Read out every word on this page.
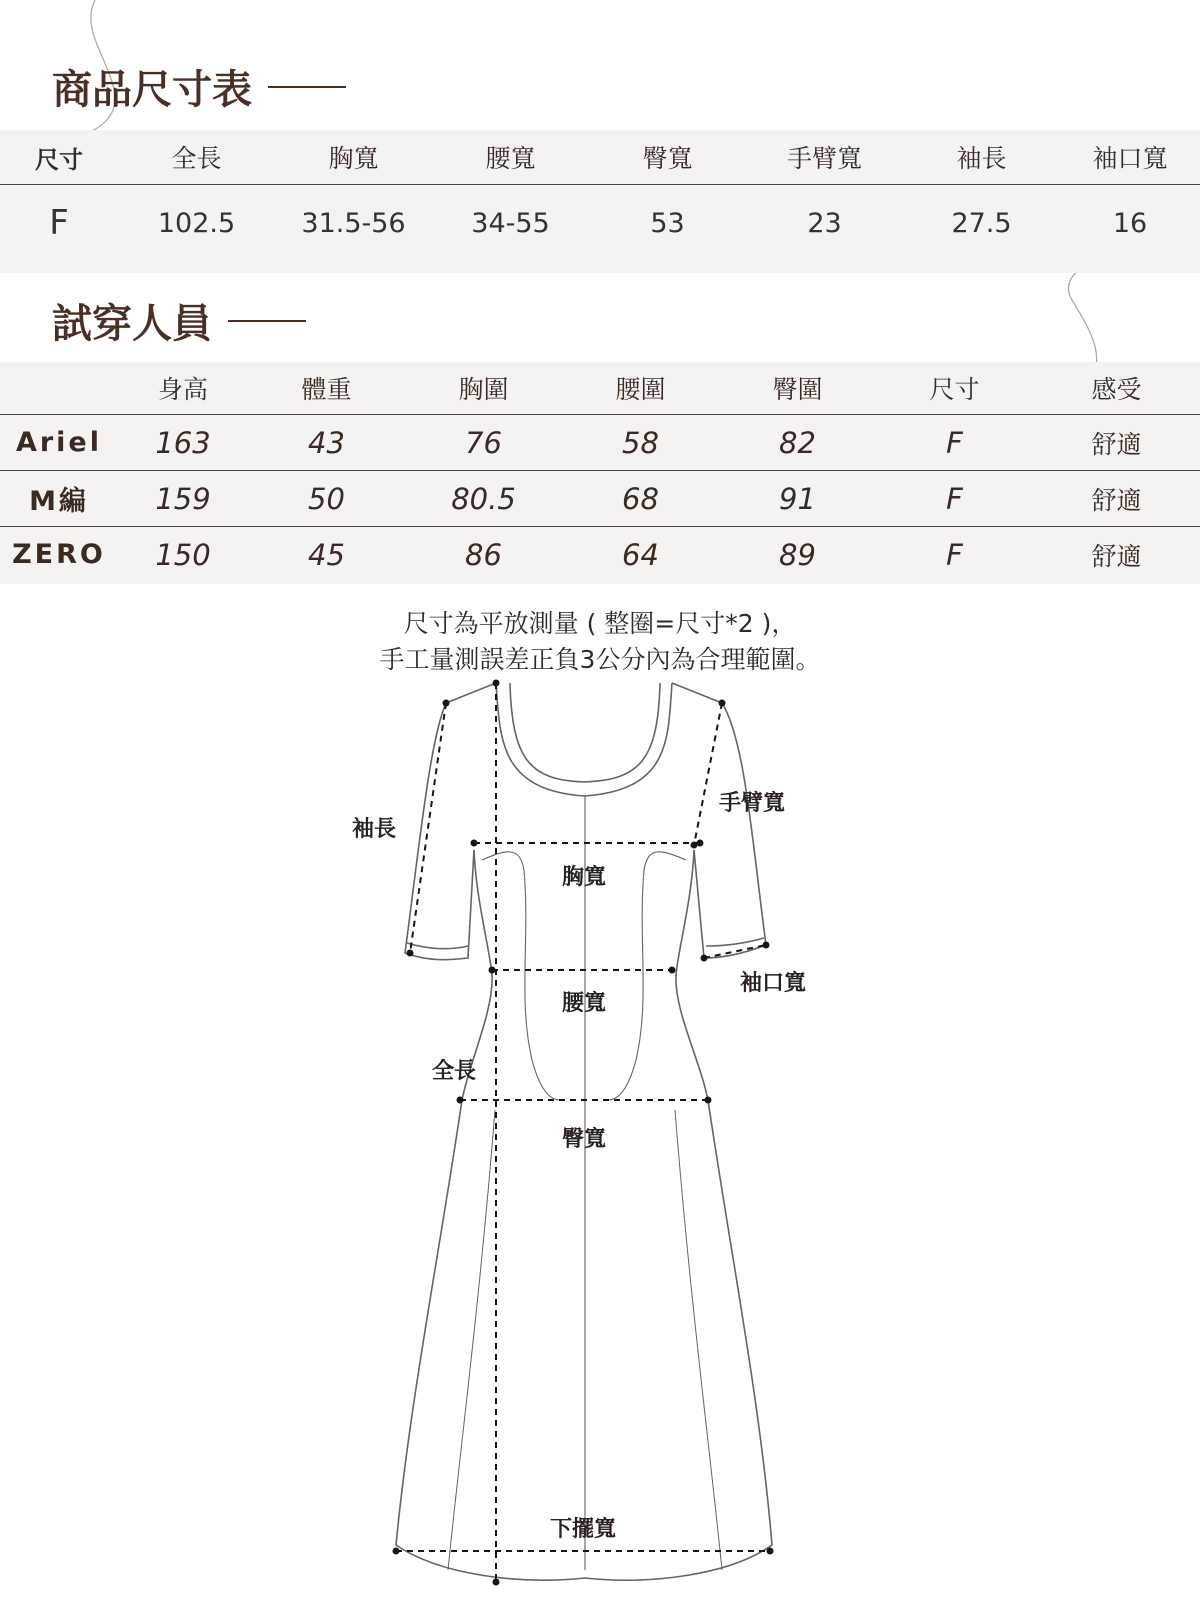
商品尺寸表
尺寸	全長	胸寬	腰寬	臀寬	手臂寬	袖長	袖口寬
F	102.5	31.5-56	34-55	53	23	27.5	16
試穿人員
	身高	體重	胸圍	腰圍	臀圍	尺寸	感受
Ariel	163	43	76	58	82	F	舒適
M編	159	50	80.5	68	91	F	舒適
ZERO	150	45	86	64	89	F	舒適
尺寸為平放測量 ( 整圈=尺寸*2 )，
手工量測誤差正負3公分內為合理範圍。
袖長
手臂寬
胸寬
袖口寬
腰寬
全長
臀寬
下擺寬
